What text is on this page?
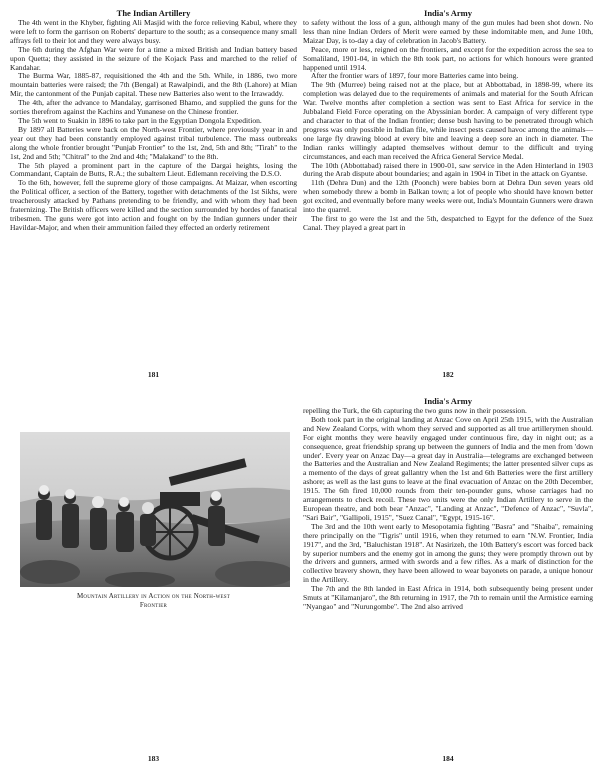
The Indian Artillery

The 4th went in the Khyber, fighting Ali Masjid with the force relieving Kabul, where they were left to form the garrison on Roberts' departure to the south; as a consequence many small affrays fell to their lot and they were always busy.

The 6th during the Afghan War were for a time a mixed British and Indian battery based upon Quetta; they assisted in the seizure of the Kojack Pass and marched to the relief of Kandahar.

The Burma War, 1885-87, requisitioned the 4th and the 5th. While, in 1886, two more mountain batteries were raised; the 7th (Bengal) at Rawalpindi, and the 8th (Lahore) at Mian Mir, the cantonment of the Punjab capital. These new Batteries also went to the Irrawaddy.

The 4th, after the advance to Mandalay, garrisoned Bhamo, and supplied the guns for the sorties therefrom against the Kachins and Yunanese on the Chinese frontier.

The 5th went to Suakin in 1896 to take part in the Egyptian Dongola Expedition.

By 1897 all Batteries were back on the North-west Frontier, where previously year in and year out they had been constantly employed against tribal turbulence. The mass outbreaks along the whole frontier brought "Punjab Frontier" to the 1st, 2nd, 5th and 8th; "Tirah" to the 1st, 2nd and 5th; "Chitral" to the 2nd and 4th; "Malakand" to the 8th.

The 5th played a prominent part in the capture of the Dargai heights, losing the Commandant, Captain de Butts, R.A.; the subaltern Lieut. Edlemann receiving the D.S.O.

To the 6th, however, fell the supreme glory of those campaigns. At Maizar, when escorting the Political officer, a section of the Battery, together with detachments of the 1st Sikhs, were treacherously attacked by Pathans pretending to be friendly, and with whom they had been fraternizing. The British officers were killed and the section surrounded by hordes of fanatical tribesmen. The guns were got into action and fought on by the Indian gunners under their Havildar-Major, and when their ammunition failed they effected an orderly retirement

181
India's Army

to safety without the loss of a gun, although many of the gun mules had been shot down. No less than nine Indian Orders of Merit were earned by these indomitable men, and June 10th, Maizar Day, is to-day a day of celebration in Jacob's Battery.

Peace, more or less, reigned on the frontiers, and except for the expedition across the sea to Somaliland, 1901-04, in which the 8th took part, no actions for which honours were granted happened until 1914.

After the frontier wars of 1897, four more Batteries came into being.

The 9th (Murree) being raised not at the place, but at Abbottabad, in 1898-99, where its completion was delayed due to the requirements of animals and material for the South African War. Twelve months after completion a section was sent to East Africa for service in the Jubbaland Field Force operating on the Abyssinian border. A campaign of very different type and character to that of the Indian frontier; dense bush having to be penetrated through which progress was only possible in Indian file, while insect pests caused havoc among the animals—one large fly drawing blood at every bite and leaving a deep sore an inch in diameter. The Indian ranks willingly adapted themselves without demur to the difficult and trying circumstances, and each man received the Africa General Service Medal.

The 10th (Abbottabad) raised there in 1900-01, saw service in the Aden Hinterland in 1903 during the Arab dispute about boundaries; and again in 1904 in Tibet in the attack on Gyantse.

11th (Dehra Dun) and the 12th (Poonch) were babies born at Dehra Dun seven years old when somebody threw a bomb in Balkan town; a lot of people who should have known better got excited, and eventually before many weeks were out, India's Mountain Gunners were drawn into the quarrel.

The first to go were the 1st and the 5th, despatched to Egypt for the defence of the Suez Canal. They played a great part in

182
Mountain Artillery in Action on the North-west
Frontier
183
India's Army

repelling the Turk, the 6th capturing the two guns now in their possession.

Both took part in the original landing at Anzac Cove on April 25th 1915, with the Australian and New Zealand Corps, with whom they served and supported as all true artillerymen should. For eight months they were heavily engaged under continuous fire, day in night out; as a consequence, great friendship sprang up between the gunners of India and the men from 'down under'. Every year on Anzac Day—a great day in Australia—telegrams are exchanged between the Batteries and the Australian and New Zealand Regiments; the latter presented silver cups as a memento of the days of great gallantry when the 1st and 6th Batteries were the first artillery ashore; as well as the last guns to leave at the final evacuation of Anzac on the 20th December, 1915. The 6th fired 10,000 rounds from their ten-pounder guns, whose carriages had no arrangements to check recoil. These two units were the only Indian Artillery to serve in the European theatre, and both bear "Anzac", "Landing at Anzac", "Defence of Anzac", "Suvla", "Sari Bair", "Gallipoli, 1915", "Suez Canal", "Egypt, 1915-16".

The 3rd and the 10th went early to Mesopotamia fighting "Basra" and "Shaiba", remaining there principally on the "Tigris" until 1916, when they returned to earn "N.W. Frontier, India 1917", and the 3rd, "Baluchistan 1918". At Nasirizeh, the 10th Battery's escort was forced back by superior numbers and the enemy got in among the guns; they were promptly thrown out by the drivers and gunners, armed with swords and a few rifles. As a mark of distinction for the collective bravery shown, they have been allowed to wear bayonets on parade, a unique honour in the Artillery.

The 7th and the 8th landed in East Africa in 1914, both subsequently being present under Smuts at "Kilamanjaro", the 8th returning in 1917, the 7th to remain until the Armistice earning "Nyangao" and "Nurungombe". The 2nd also arrived

184
